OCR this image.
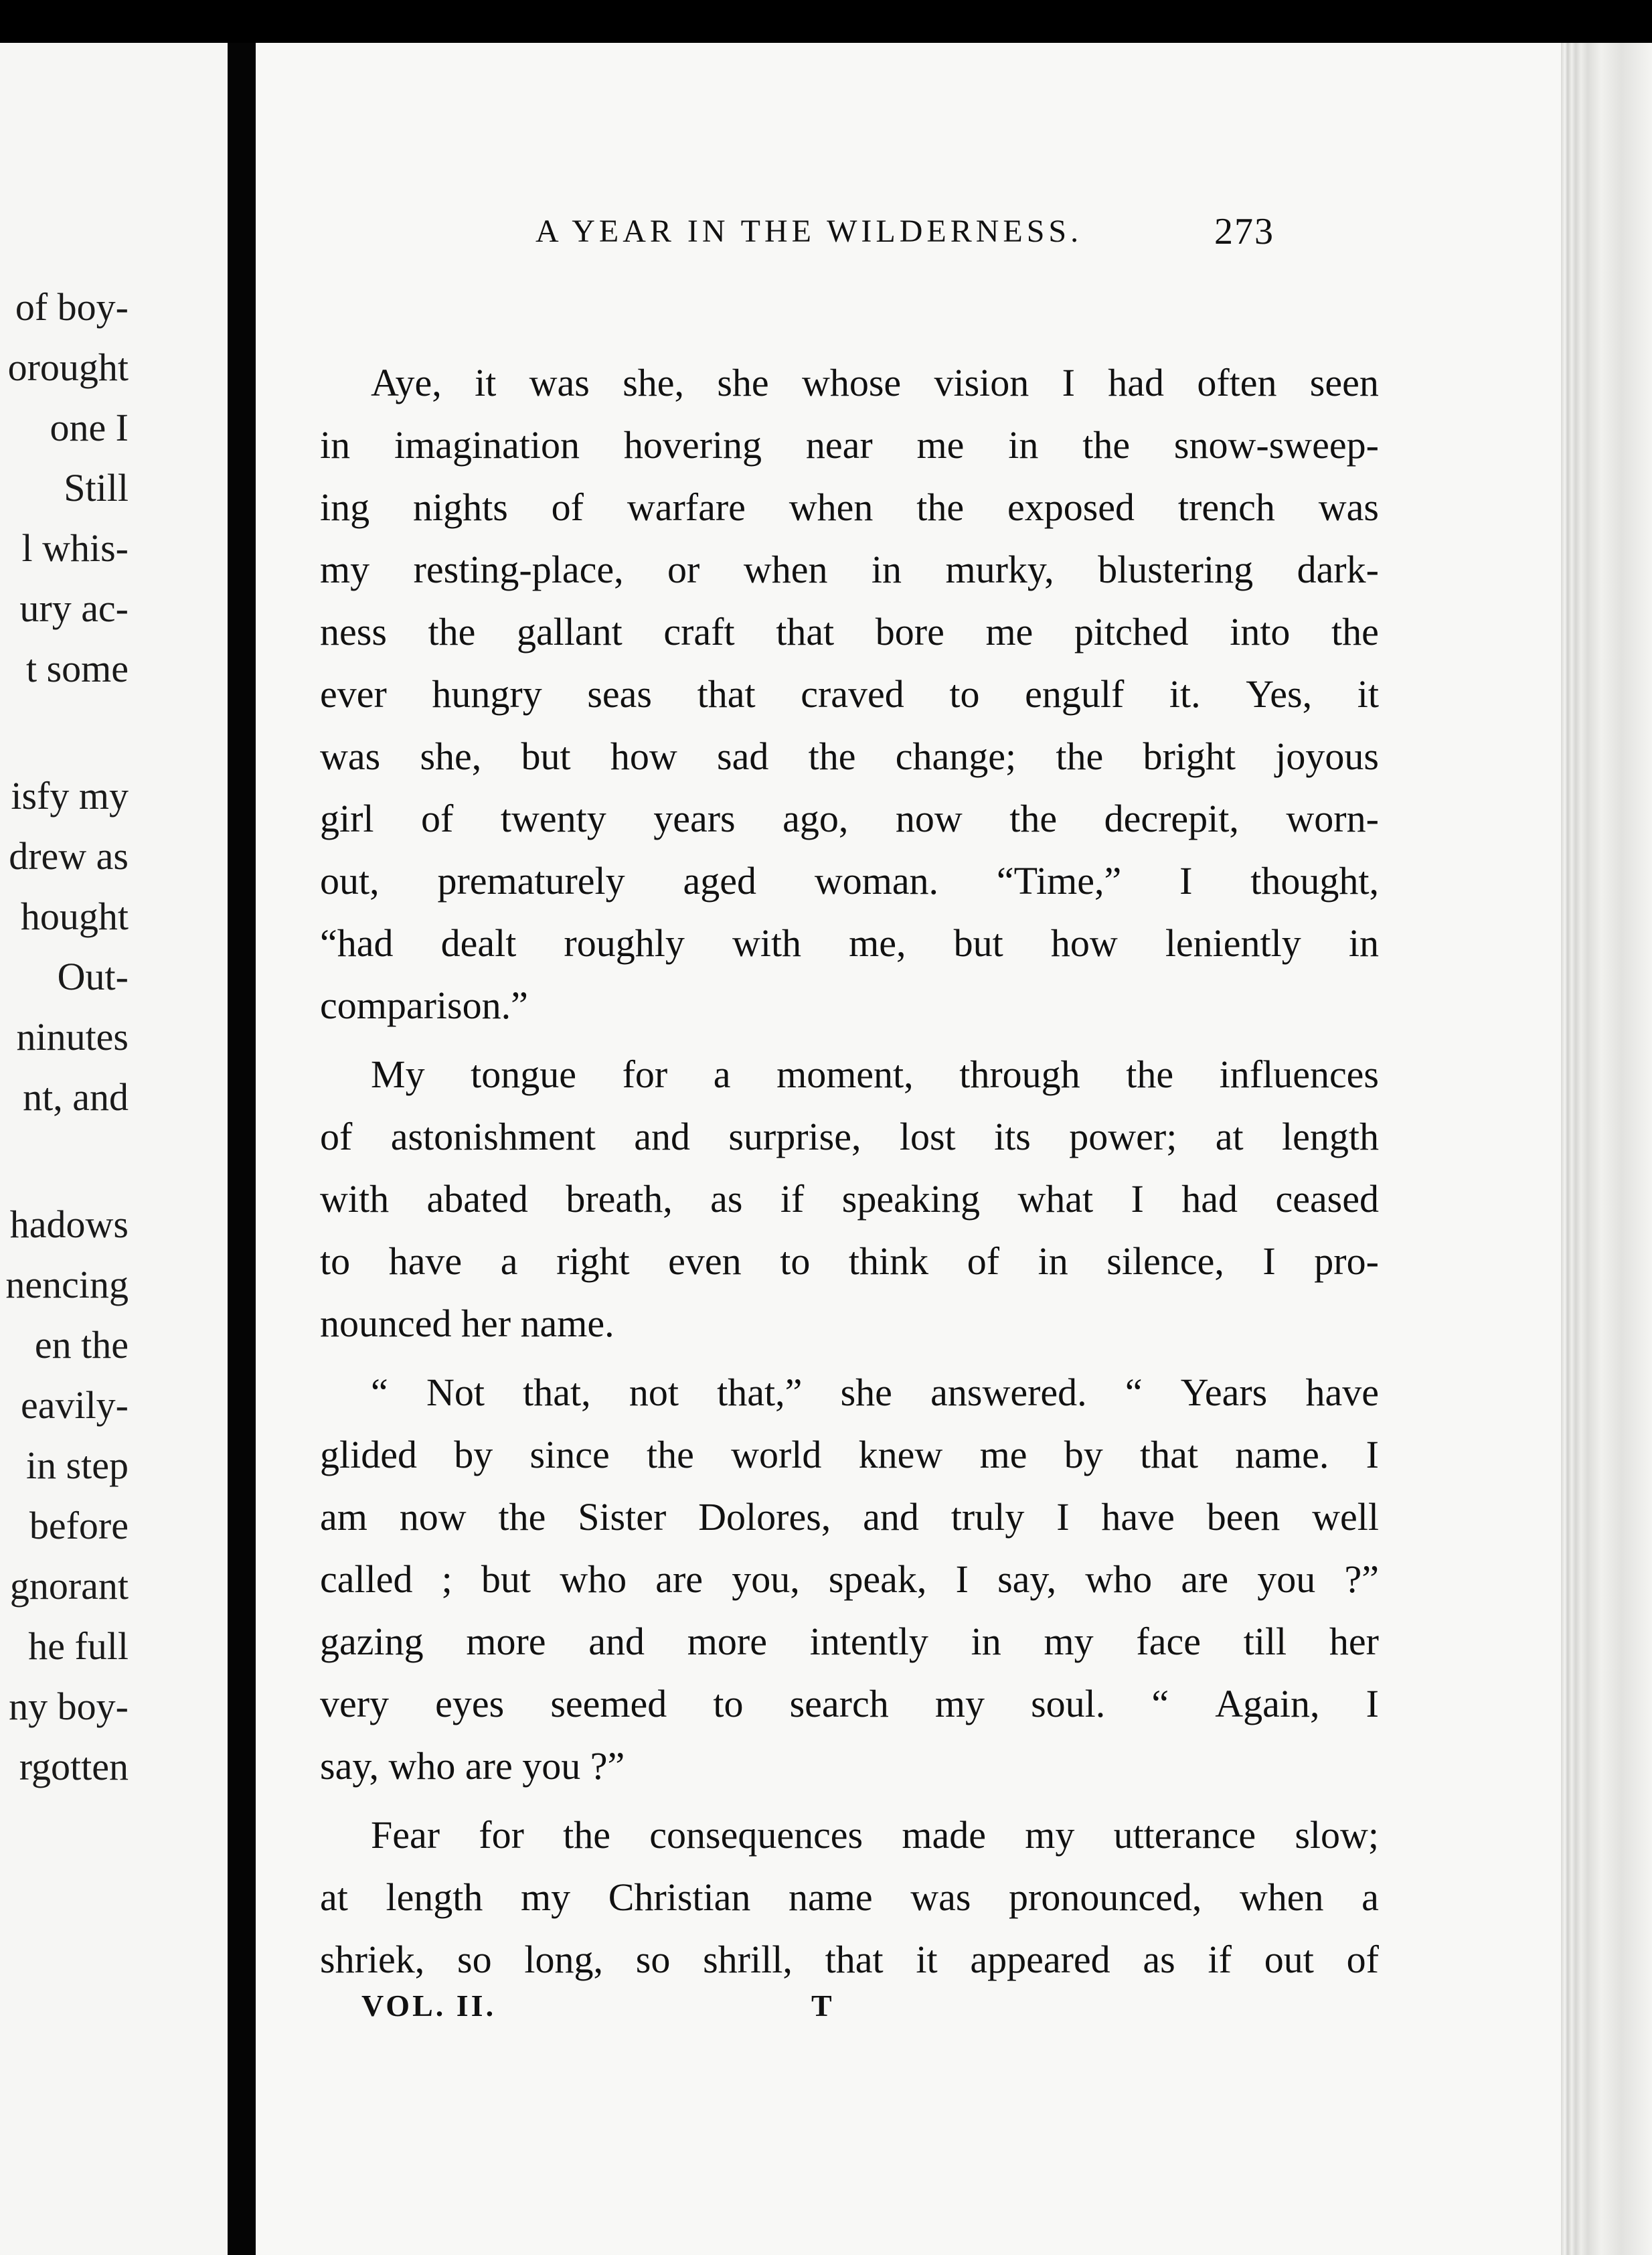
of boy-
orought
one I
Still
l whis-
ury ac-
t some
isfy my
drew as
hought
Out-
ninutes
nt, and
hadows
nencing
en the
eavily-
in step
before
gnorant
he full
ny boy-
rgotten
A YEAR IN THE WILDERNESS.	273
Aye, it was she, she whose vision I had often seen
in imagination hovering near me in the snow-sweep-
ing nights of warfare when the exposed trench was
my resting-place, or when in murky, blustering dark-
ness the gallant craft that bore me pitched into the
ever hungry seas that craved to engulf it. Yes, it
was she, but how sad the change; the bright joyous
girl of twenty years ago, now the decrepit, worn-
out, prematurely aged woman. “Time,” I thought,
“had dealt roughly with me, but how leniently in
comparison.”
My tongue for a moment, through the influences
of astonishment and surprise, lost its power; at length
with abated breath, as if speaking what I had ceased
to have a right even to think of in silence, I pro-
nounced her name.
“ Not that, not that,” she answered. “ Years have
glided by since the world knew me by that name. I
am now the Sister Dolores, and truly I have been well
called ; but who are you, speak, I say, who are you ?”
gazing more and more intently in my face till her
very eyes seemed to search my soul. “ Again, I
say, who are you ?”
Fear for the consequences made my utterance slow;
at length my Christian name was pronounced, when a
shriek, so long, so shrill, that it appeared as if out of
VOL. II.	T
